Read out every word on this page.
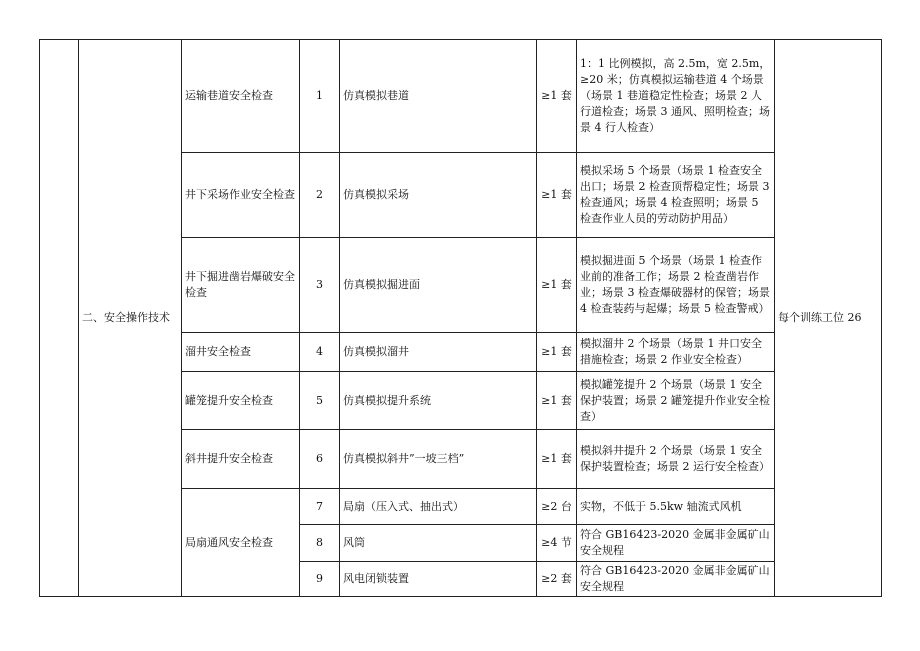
	二、安全操作技术	运输巷道安全检查	1	仿真模拟巷道	≥1 套	1：1 比例模拟，高 2.5m，宽 2.5m，≥20 米；仿真模拟运输巷道 4 个场景（场景 1 巷道稳定性检查；场景 2 人行道检查；场景 3 通风、照明检查；场景 4 行人检查）	每个训练工位 26
		井下采场作业安全检查	2	仿真模拟采场	≥1 套	模拟采场 5 个场景（场景 1 检查安全出口；场景 2 检查顶帮稳定性；场景 3 检查通风；场景 4 检查照明；场景 5 检查作业人员的劳动防护用品）	
		井下掘进凿岩爆破安全检查	3	仿真模拟掘进面	≥1 套	模拟掘进面 5 个场景（场景 1 检查作业前的准备工作；场景 2 检查凿岩作业；场景 3 检查爆破器材的保管；场景 4 检查装药与起爆；场景 5 检查警戒）	
		溜井安全检查	4	仿真模拟溜井	≥1 套	模拟溜井 2 个场景（场景 1 井口安全措施检查；场景 2 作业安全检查）	
		罐笼提升安全检查	5	仿真模拟提升系统	≥1 套	模拟罐笼提升 2 个场景（场景 1 安全保护装置；场景 2 罐笼提升作业安全检查）	
		斜井提升安全检查	6	仿真模拟斜井”一坡三档”	≥1 套	模拟斜井提升 2 个场景（场景 1 安全保护装置检查；场景 2 运行安全检查）	
		局扇通风安全检查	7	局扇（压入式、抽出式）	≥2 台	实物，不低于 5.5kw 轴流式风机	
			8	风筒	≥4 节	符合 GB16423-2020 金属非金属矿山安全规程	
			9	风电闭锁装置	≥2 套	符合 GB16423-2020 金属非金属矿山安全规程	
